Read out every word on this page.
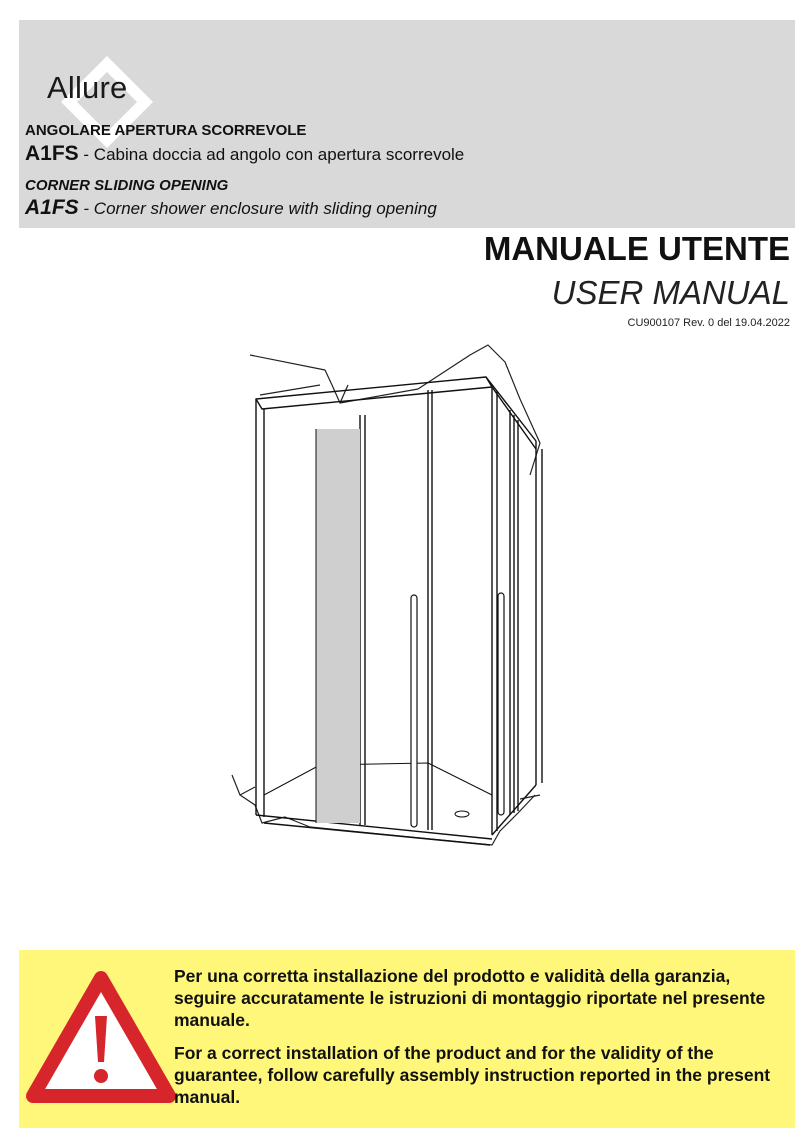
Allure
ANGOLARE APERTURA SCORREVOLE
A1FS - Cabina doccia ad angolo con apertura scorrevole
CORNER SLIDING OPENING
A1FS - Corner shower enclosure with sliding opening
MANUALE UTENTE
USER MANUAL
CU900107 Rev. 0 del 19.04.2022
Per una corretta installazione del prodotto e validità della garanzia, seguire accuratamente le istruzioni di montaggio riportate nel presente manuale.
For a correct installation of the product and for the validity of the guarantee, follow carefully assembly instruction reported in the present manual.
